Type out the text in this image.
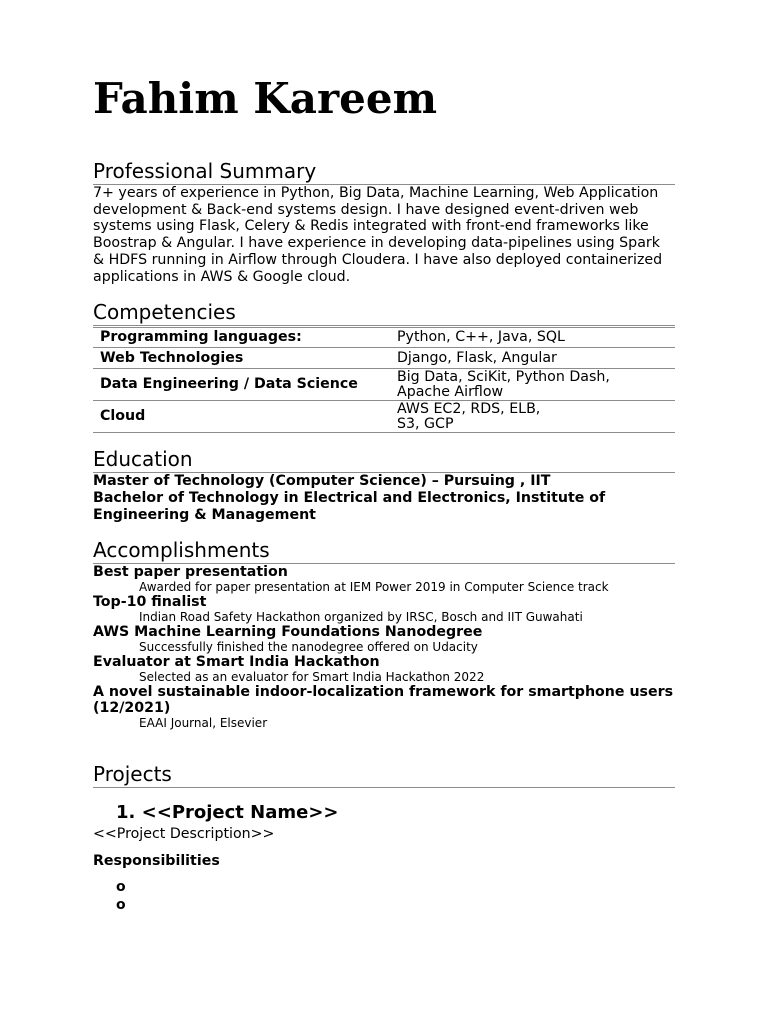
Fahim Kareem
Professional Summary
7+ years of experience in Python, Big Data, Machine Learning, Web Application development & Back-end systems design. I have designed event-driven web systems using Flask, Celery & Redis integrated with front-end frameworks like Boostrap & Angular. I have experience in developing data-pipelines using Spark & HDFS running in Airflow through Cloudera. I have also deployed containerized applications in AWS & Google cloud.
Competencies
Programming languages:	Python, C++, Java, SQL
Web Technologies	Django, Flask, Angular
Data Engineering / Data Science	Big Data, SciKit, Python Dash, Apache Airflow
Cloud	AWS EC2, RDS, ELB, S3, GCP
Education
Master of Technology (Computer Science) – Pursuing , IIT
Bachelor of Technology in Electrical and Electronics, Institute of Engineering & Management
Accomplishments
Best paper presentation
Awarded for paper presentation at IEM Power 2019 in Computer Science track
Top-10 finalist
Indian Road Safety Hackathon organized by IRSC, Bosch and IIT Guwahati
AWS Machine Learning Foundations Nanodegree
Successfully finished the nanodegree offered on Udacity
Evaluator at Smart India Hackathon
Selected as an evaluator for Smart India Hackathon 2022
A novel sustainable indoor-localization framework for smartphone users (12/2021)
EAAI Journal, Elsevier
Projects
1. <<Project Name>>
<<Project Description>>
Responsibilities
o
o
